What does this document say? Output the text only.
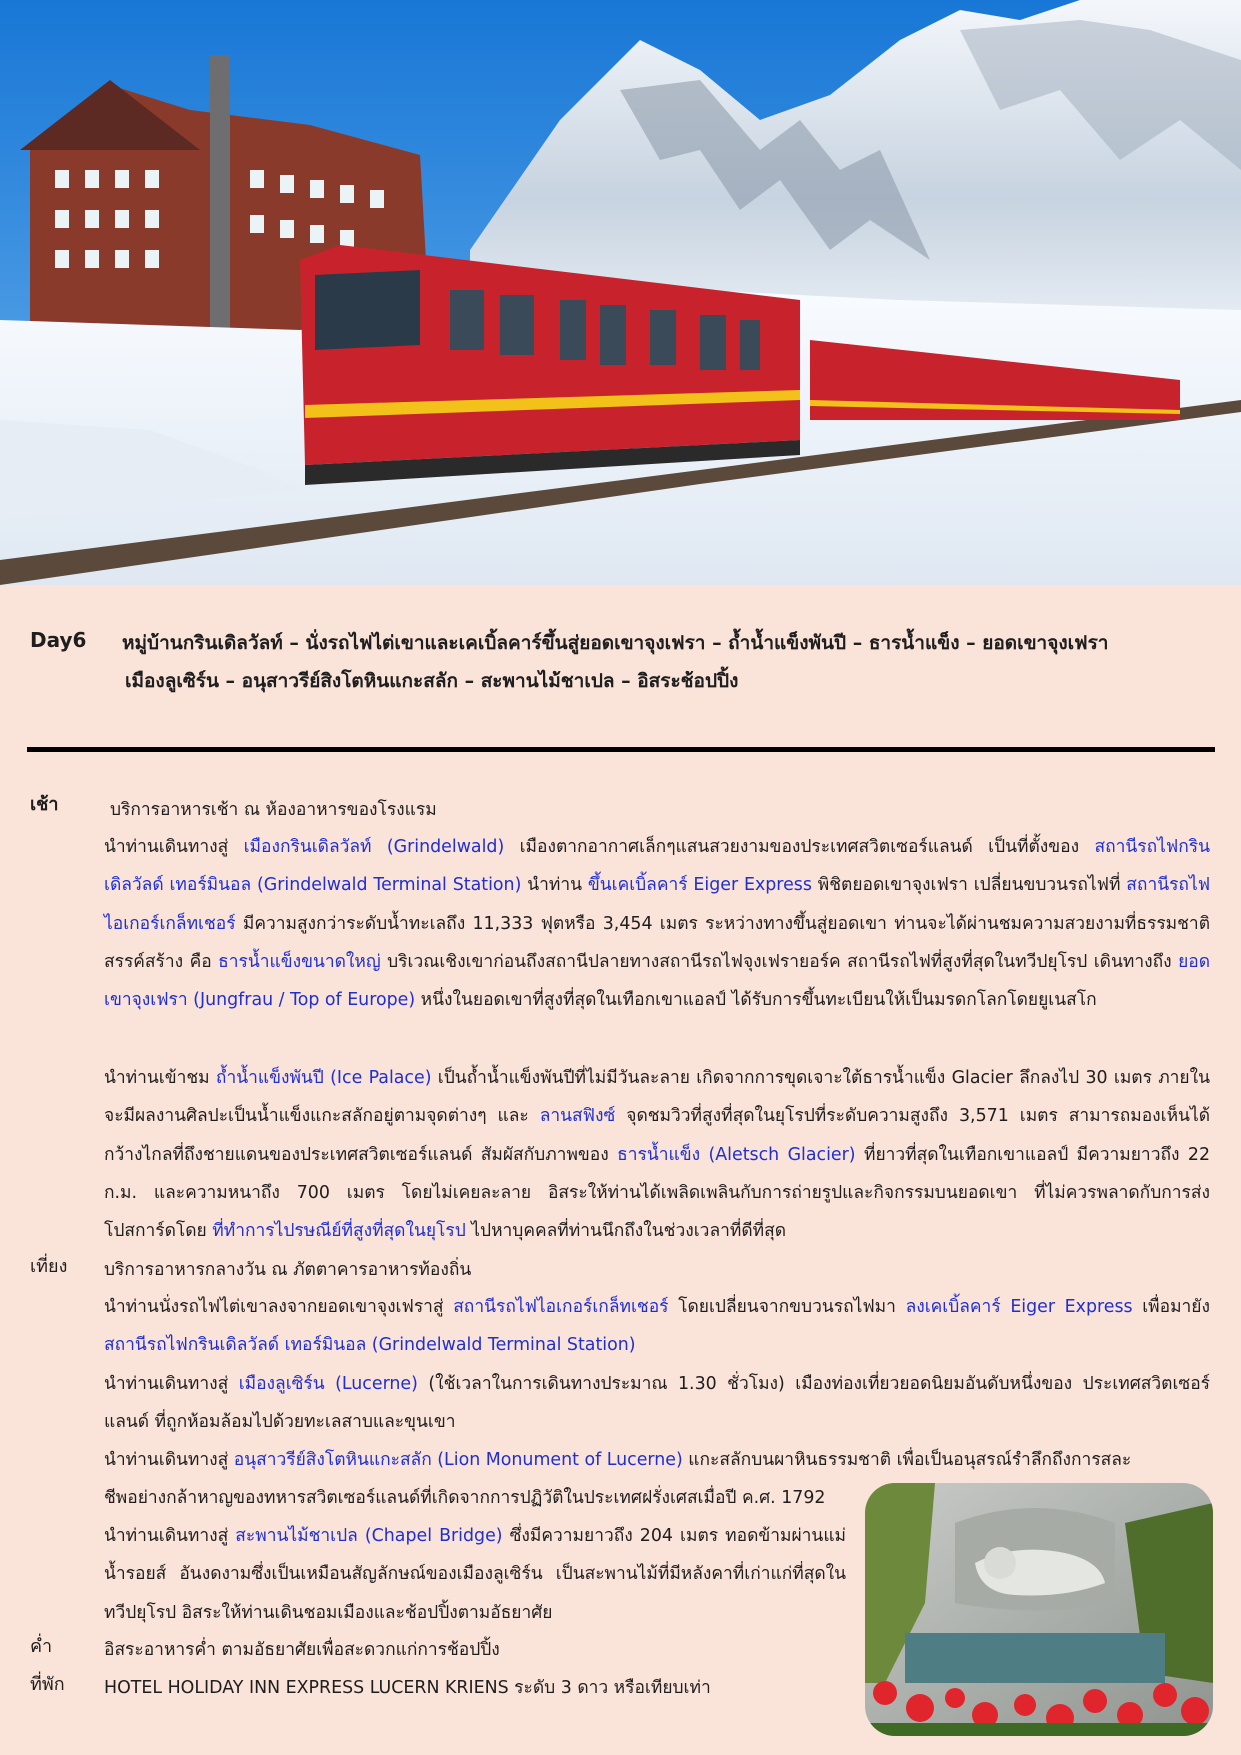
Day6 หมู่บ้านกรินเดิลวัลท์ – นั่งรถไฟไต่เขาและเคเบิ้ลคาร์ขึ้นสู่ยอดเขาจุงเฟรา – ถ้ำน้ำแข็งพันปี – ธารน้ำแข็ง – ยอดเขาจุงเฟรา
เมืองลูเซิร์น – อนุสาวรีย์สิงโตหินแกะสลัก – สะพานไม้ชาเปล – อิสระช้อปปิ้ง
เช้า	บริการอาหารเช้า ณ ห้องอาหารของโรงแรม
นำท่านเดินทางสู่ เมืองกรินเดิลวัลท์ (Grindelwald) เมืองตากอากาศเล็กๆแสนสวยงามของประเทศสวิตเซอร์แลนด์ เป็นที่ตั้งของ สถานีรถไฟกรินเดิลวัลด์ เทอร์มินอล (Grindelwald Terminal Station) นำท่าน ขึ้นเคเบิ้ลคาร์ Eiger Express พิชิตยอดเขาจุงเฟรา เปลี่ยนขบวนรถไฟที่ สถานีรถไฟไอเกอร์เกล็ทเชอร์ มีความสูงกว่าระดับน้ำทะเลถึง 11,333 ฟุตหรือ 3,454 เมตร ระหว่างทางขึ้นสู่ยอดเขา ท่านจะได้ผ่านชมความสวยงามที่ธรรมชาติสรรค์สร้าง คือ ธารน้ำแข็งขนาดใหญ่ บริเวณเชิงเขาก่อนถึงสถานีปลายทางสถานีรถไฟจุงเฟรายอร์ค สถานีรถไฟที่สูงที่สุดในทวีปยุโรป เดินทางถึง ยอดเขาจุงเฟรา (Jungfrau / Top of Europe) หนึ่งในยอดเขาที่สูงที่สุดในเทือกเขาแอลป์ ได้รับการขึ้นทะเบียนให้เป็นมรดกโลกโดยยูเนสโก
นำท่านเข้าชม ถ้ำน้ำแข็งพันปี (Ice Palace) เป็นถ้ำน้ำแข็งพันปีที่ไม่มีวันละลาย เกิดจากการขุดเจาะใต้ธารน้ำแข็ง Glacier ลึกลงไป 30 เมตร ภายในจะมีผลงานศิลปะเป็นน้ำแข็งแกะสลักอยู่ตามจุดต่างๆ และ ลานสฟิงซ์ จุดชมวิวที่สูงที่สุดในยุโรปที่ระดับความสูงถึง 3,571 เมตร สามารถมองเห็นได้กว้างไกลที่ถึงชายแดนของประเทศสวิตเซอร์แลนด์ สัมผัสกับภาพของ ธารน้ำแข็ง (Aletsch Glacier) ที่ยาวที่สุดในเทือกเขาแอลป์ มีความยาวถึง 22 ก.ม. และความหนาถึง 700 เมตร โดยไม่เคยละลาย อิสระให้ท่านได้เพลิดเพลินกับการถ่ายรูปและกิจกรรมบนยอดเขา ที่ไม่ควรพลาดกับการส่งโปสการ์ดโดย ที่ทำการไปรษณีย์ที่สูงที่สุดในยุโรป ไปหาบุคคลที่ท่านนึกถึงในช่วงเวลาที่ดีที่สุด
เที่ยง บริการอาหารกลางวัน ณ ภัตตาคารอาหารท้องถิ่น
นำท่านนั่งรถไฟไต่เขาลงจากยอดเขาจุงเฟราสู่ สถานีรถไฟไอเกอร์เกล็ทเชอร์ โดยเปลี่ยนจากขบวนรถไฟมา ลงเคเบิ้ลคาร์ Eiger Express เพื่อมายัง สถานีรถไฟกรินเดิลวัลด์ เทอร์มินอล (Grindelwald Terminal Station)
นำท่านเดินทางสู่ เมืองลูเซิร์น (Lucerne) (ใช้เวลาในการเดินทางประมาณ 1.30 ชั่วโมง) เมืองท่องเที่ยวยอดนิยมอันดับหนึ่งของ ประเทศสวิตเซอร์แลนด์ ที่ถูกห้อมล้อมไปด้วยทะเลสาบและขุนเขา
นำท่านเดินทางสู่ อนุสาวรีย์สิงโตหินแกะสลัก (Lion Monument of Lucerne) แกะสลักบนผาหินธรรมชาติ เพื่อเป็นอนุสรณ์รำลึกถึงการสละ
ชีพอย่างกล้าหาญของทหารสวิตเซอร์แลนด์ที่เกิดจากการปฏิวัติในประเทศฝรั่งเศสเมื่อปี ค.ศ. 1792
นำท่านเดินทางสู่ สะพานไม้ชาเปล (Chapel Bridge) ซึ่งมีความยาวถึง 204 เมตร ทอดข้ามผ่านแม่น้ำรอยส์ อันงดงามซึ่งเป็นเหมือนสัญลักษณ์ของเมืองลูเซิร์น เป็นสะพานไม้ที่มีหลังคาที่เก่าแก่ที่สุดในทวีปยุโรป อิสระให้ท่านเดินชอมเมืองและช้อปปิ้งตามอัธยาศัย
ค่ำ	อิสระอาหารค่ำ ตามอัธยาศัยเพื่อสะดวกแก่การช้อปปิ้ง
ที่พัก HOTEL HOLIDAY INN EXPRESS LUCERN KRIENS ระดับ 3 ดาว หรือเทียบเท่า
